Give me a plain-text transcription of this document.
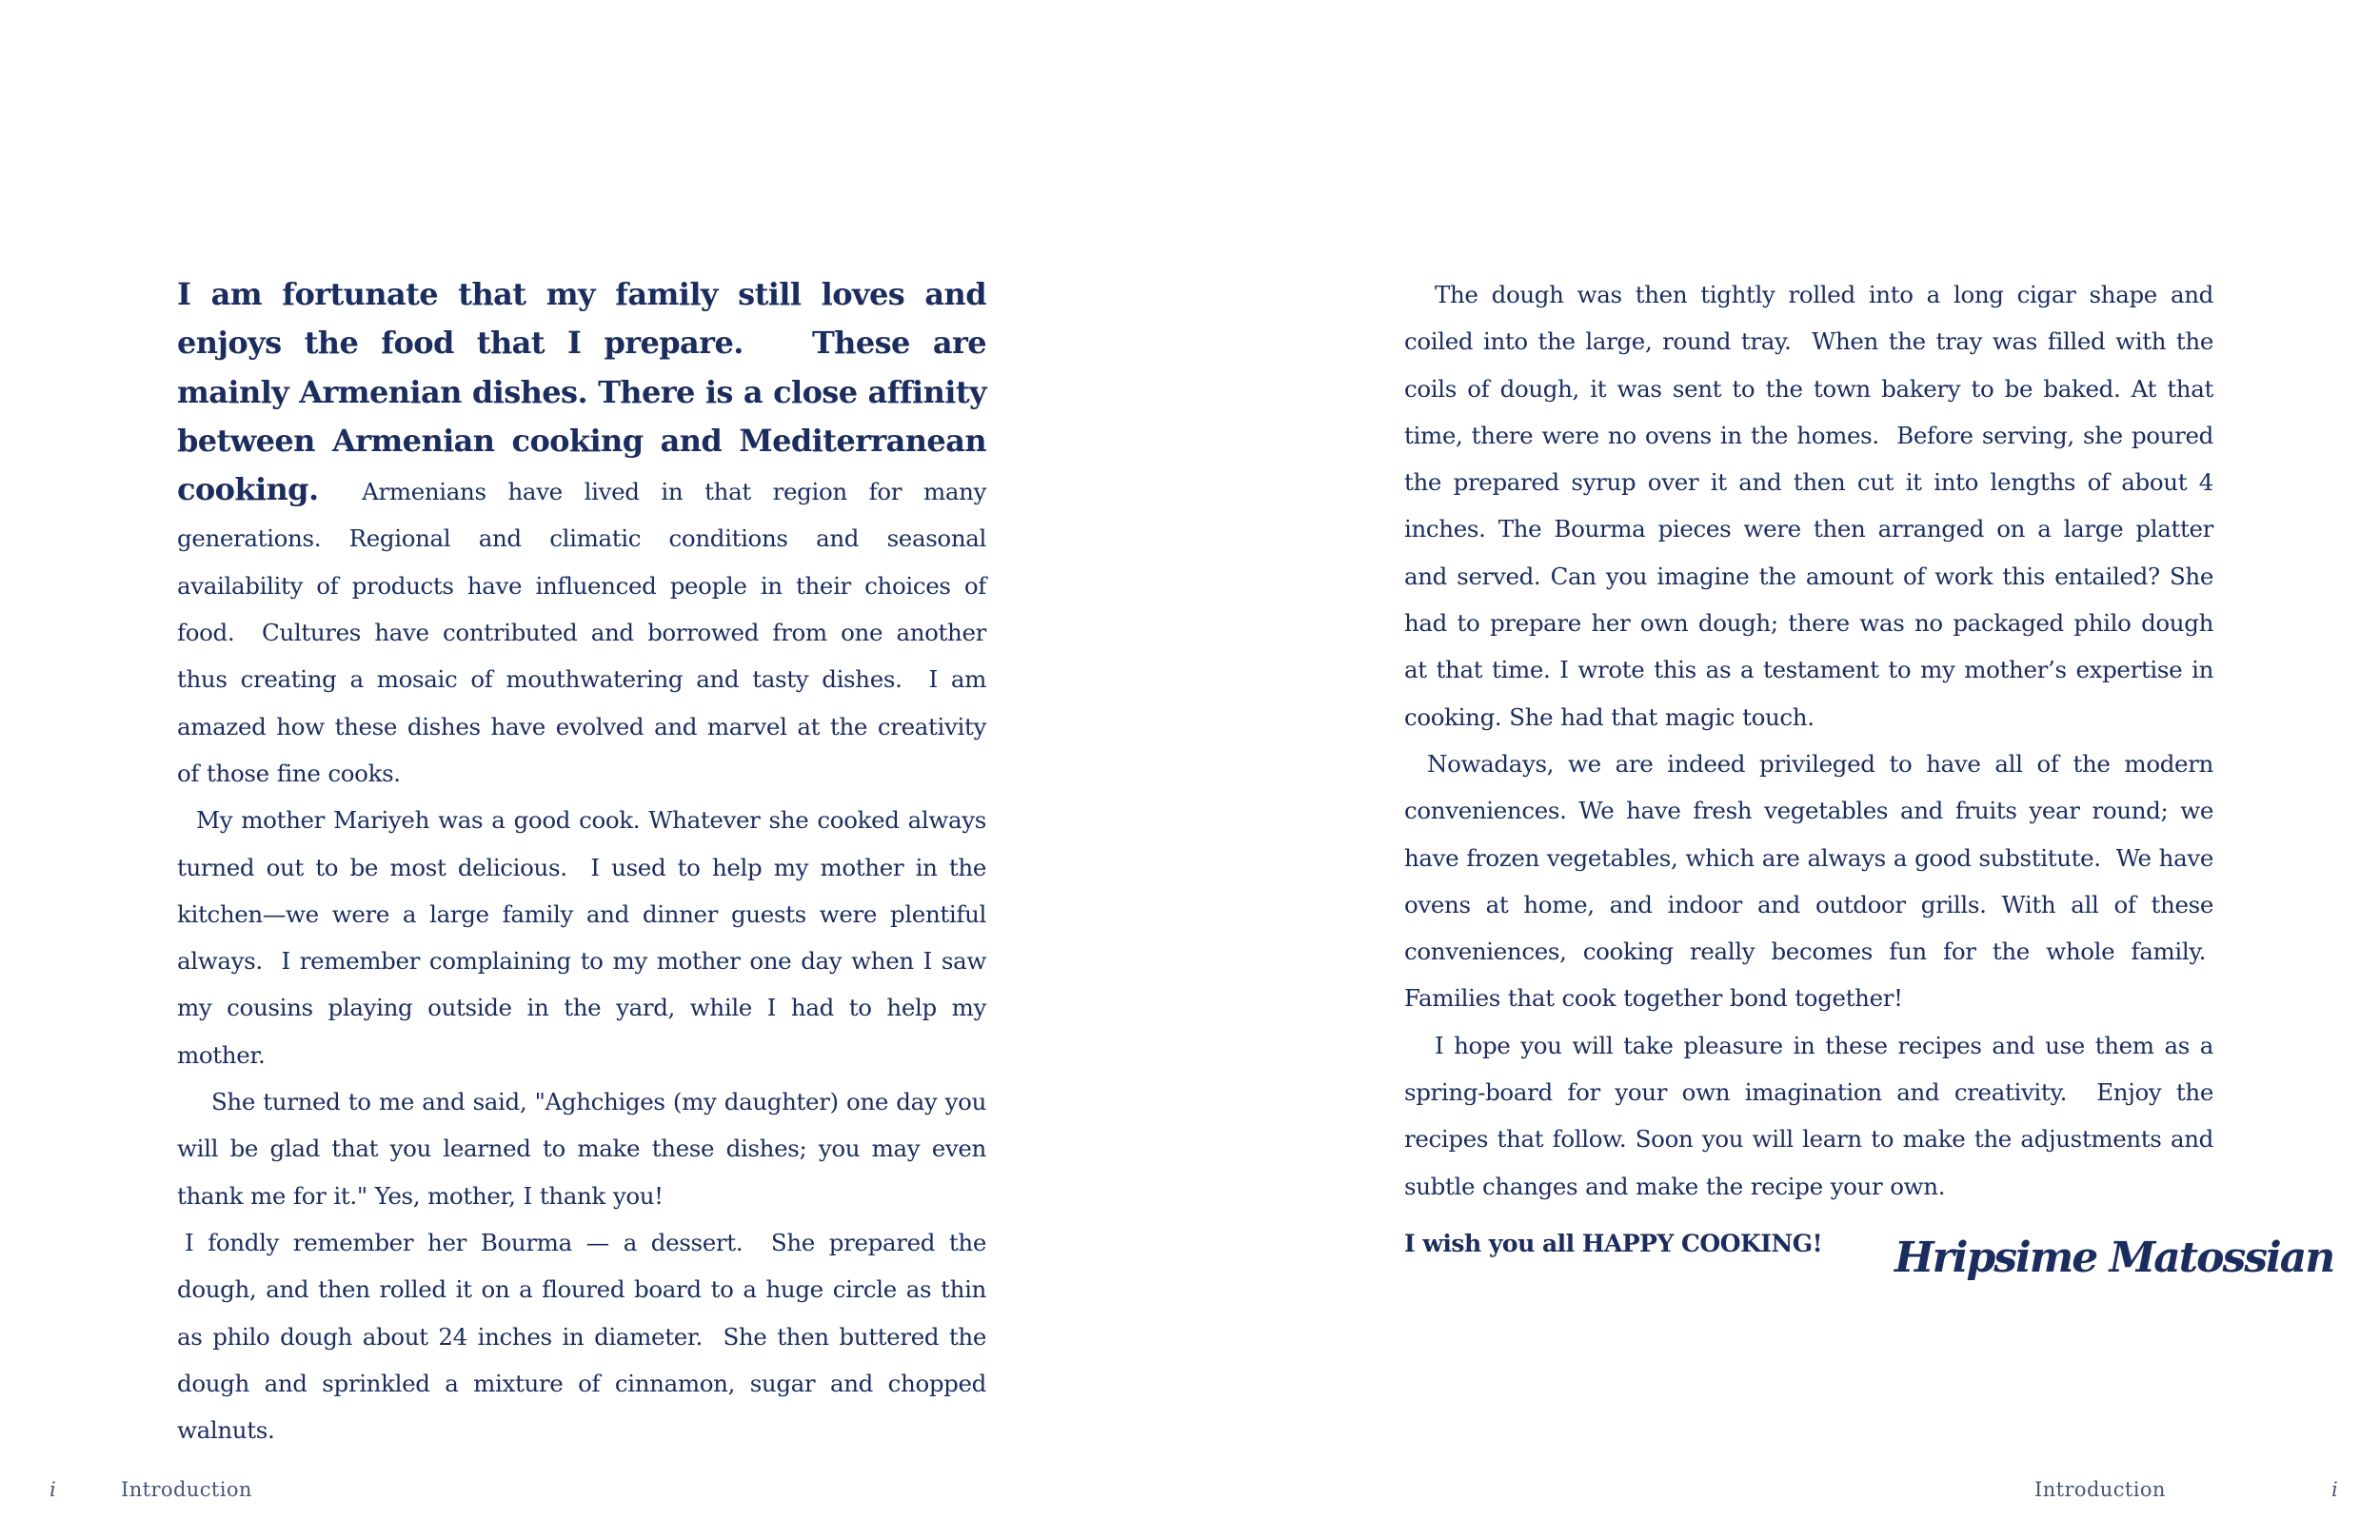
I am fortunate that my family still loves and enjoys the food that I prepare.   These are mainly Armenian dishes. There is a close affinity between Armenian cooking and Mediterranean cooking.  Armenians have lived in that region for many generations. Regional and climatic conditions and seasonal availability of products have influenced people in their choices of food.  Cultures have contributed and borrowed from one another thus creating a mosaic of mouthwatering and tasty dishes.  I am amazed how these dishes have evolved and marvel at the creativity of those fine cooks.

My mother Mariyeh was a good cook. Whatever she cooked always turned out to be most delicious.  I used to help my mother in the kitchen—we were a large family and dinner guests were plentiful always.  I remember complaining to my mother one day when I saw my cousins playing outside in the yard, while I had to help my mother.

She turned to me and said, "Aghchiges (my daughter) one day you will be glad that you learned to make these dishes; you may even thank me for it." Yes, mother, I thank you!

I fondly remember her Bourma — a dessert.  She prepared the dough, and then rolled it on a floured board to a huge circle as thin as philo dough about 24 inches in diameter.  She then buttered the dough and sprinkled a mixture of cinnamon, sugar and chopped walnuts.

i	Introduction

The dough was then tightly rolled into a long cigar shape and coiled into the large, round tray.  When the tray was filled with the coils of dough, it was sent to the town bakery to be baked. At that time, there were no ovens in the homes.  Before serving, she poured the prepared syrup over it and then cut it into lengths of about 4 inches. The Bourma pieces were then arranged on a large platter and served. Can you imagine the amount of work this entailed? She had to prepare her own dough; there was no packaged philo dough at that time. I wrote this as a testament to my mother’s expertise in cooking. She had that magic touch.

Nowadays, we are indeed privileged to have all of the modern conveniences. We have fresh vegetables and fruits year round; we have frozen vegetables, which are always a good substitute.  We have ovens at home, and indoor and outdoor grills. With all of these conveniences, cooking really becomes fun for the whole family.  Families that cook together bond together!

I hope you will take pleasure in these recipes and use them as a spring-board for your own imagination and creativity.  Enjoy the recipes that follow. Soon you will learn to make the adjustments and subtle changes and make the recipe your own.

I wish you all HAPPY COOKING!	Hripsime Matossian
Introduction	i
